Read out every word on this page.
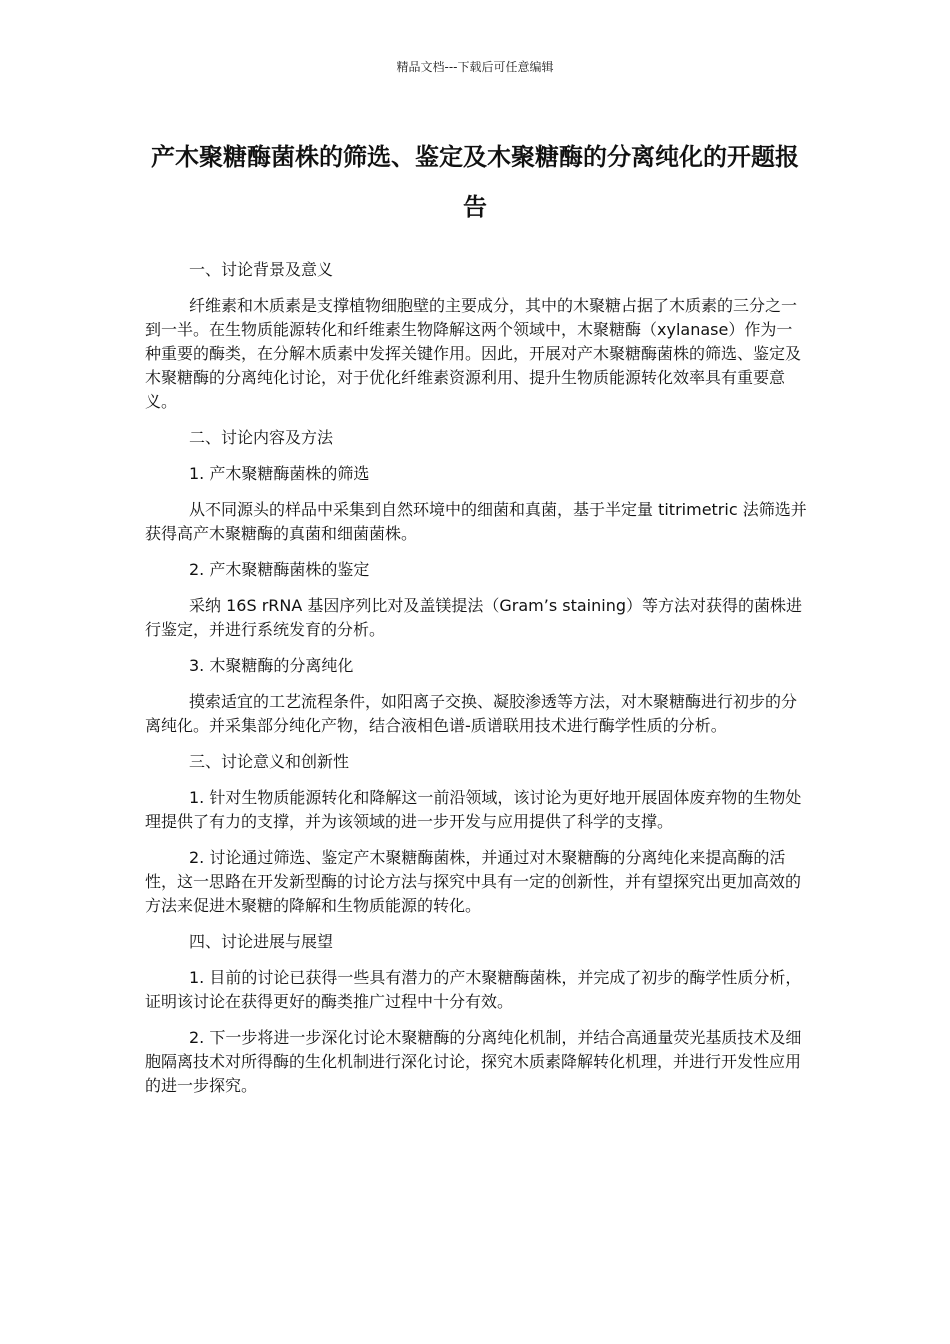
精品文档---下载后可任意编辑
产木聚糖酶菌株的筛选、鉴定及木聚糖酶的分离纯化的开题报告

一、讨论背景及意义

纤维素和木质素是支撑植物细胞壁的主要成分，其中的木聚糖占据了木质素的三分之一到一半。在生物质能源转化和纤维素生物降解这两个领域中，木聚糖酶（xylanase）作为一种重要的酶类，在分解木质素中发挥关键作用。因此，开展对产木聚糖酶菌株的筛选、鉴定及木聚糖酶的分离纯化讨论，对于优化纤维素资源利用、提升生物质能源转化效率具有重要意义。

二、讨论内容及方法

1. 产木聚糖酶菌株的筛选

从不同源头的样品中采集到自然环境中的细菌和真菌，基于半定量 titrimetric 法筛选并获得高产木聚糖酶的真菌和细菌菌株。

2. 产木聚糖酶菌株的鉴定

采纳 16S rRNA 基因序列比对及盖镁提法（Gram’s staining）等方法对获得的菌株进行鉴定，并进行系统发育的分析。

3. 木聚糖酶的分离纯化

摸索适宜的工艺流程条件，如阳离子交换、凝胶渗透等方法，对木聚糖酶进行初步的分离纯化。并采集部分纯化产物，结合液相色谱-质谱联用技术进行酶学性质的分析。

三、讨论意义和创新性

1. 针对生物质能源转化和降解这一前沿领域，该讨论为更好地开展固体废弃物的生物处理提供了有力的支撑，并为该领域的进一步开发与应用提供了科学的支撑。

2. 讨论通过筛选、鉴定产木聚糖酶菌株，并通过对木聚糖酶的分离纯化来提高酶的活性，这一思路在开发新型酶的讨论方法与探究中具有一定的创新性，并有望探究出更加高效的方法来促进木聚糖的降解和生物质能源的转化。

四、讨论进展与展望

1. 目前的讨论已获得一些具有潜力的产木聚糖酶菌株，并完成了初步的酶学性质分析，证明该讨论在获得更好的酶类推广过程中十分有效。

2. 下一步将进一步深化讨论木聚糖酶的分离纯化机制，并结合高通量荧光基质技术及细胞隔离技术对所得酶的生化机制进行深化讨论，探究木质素降解转化机理，并进行开发性应用的进一步探究。
